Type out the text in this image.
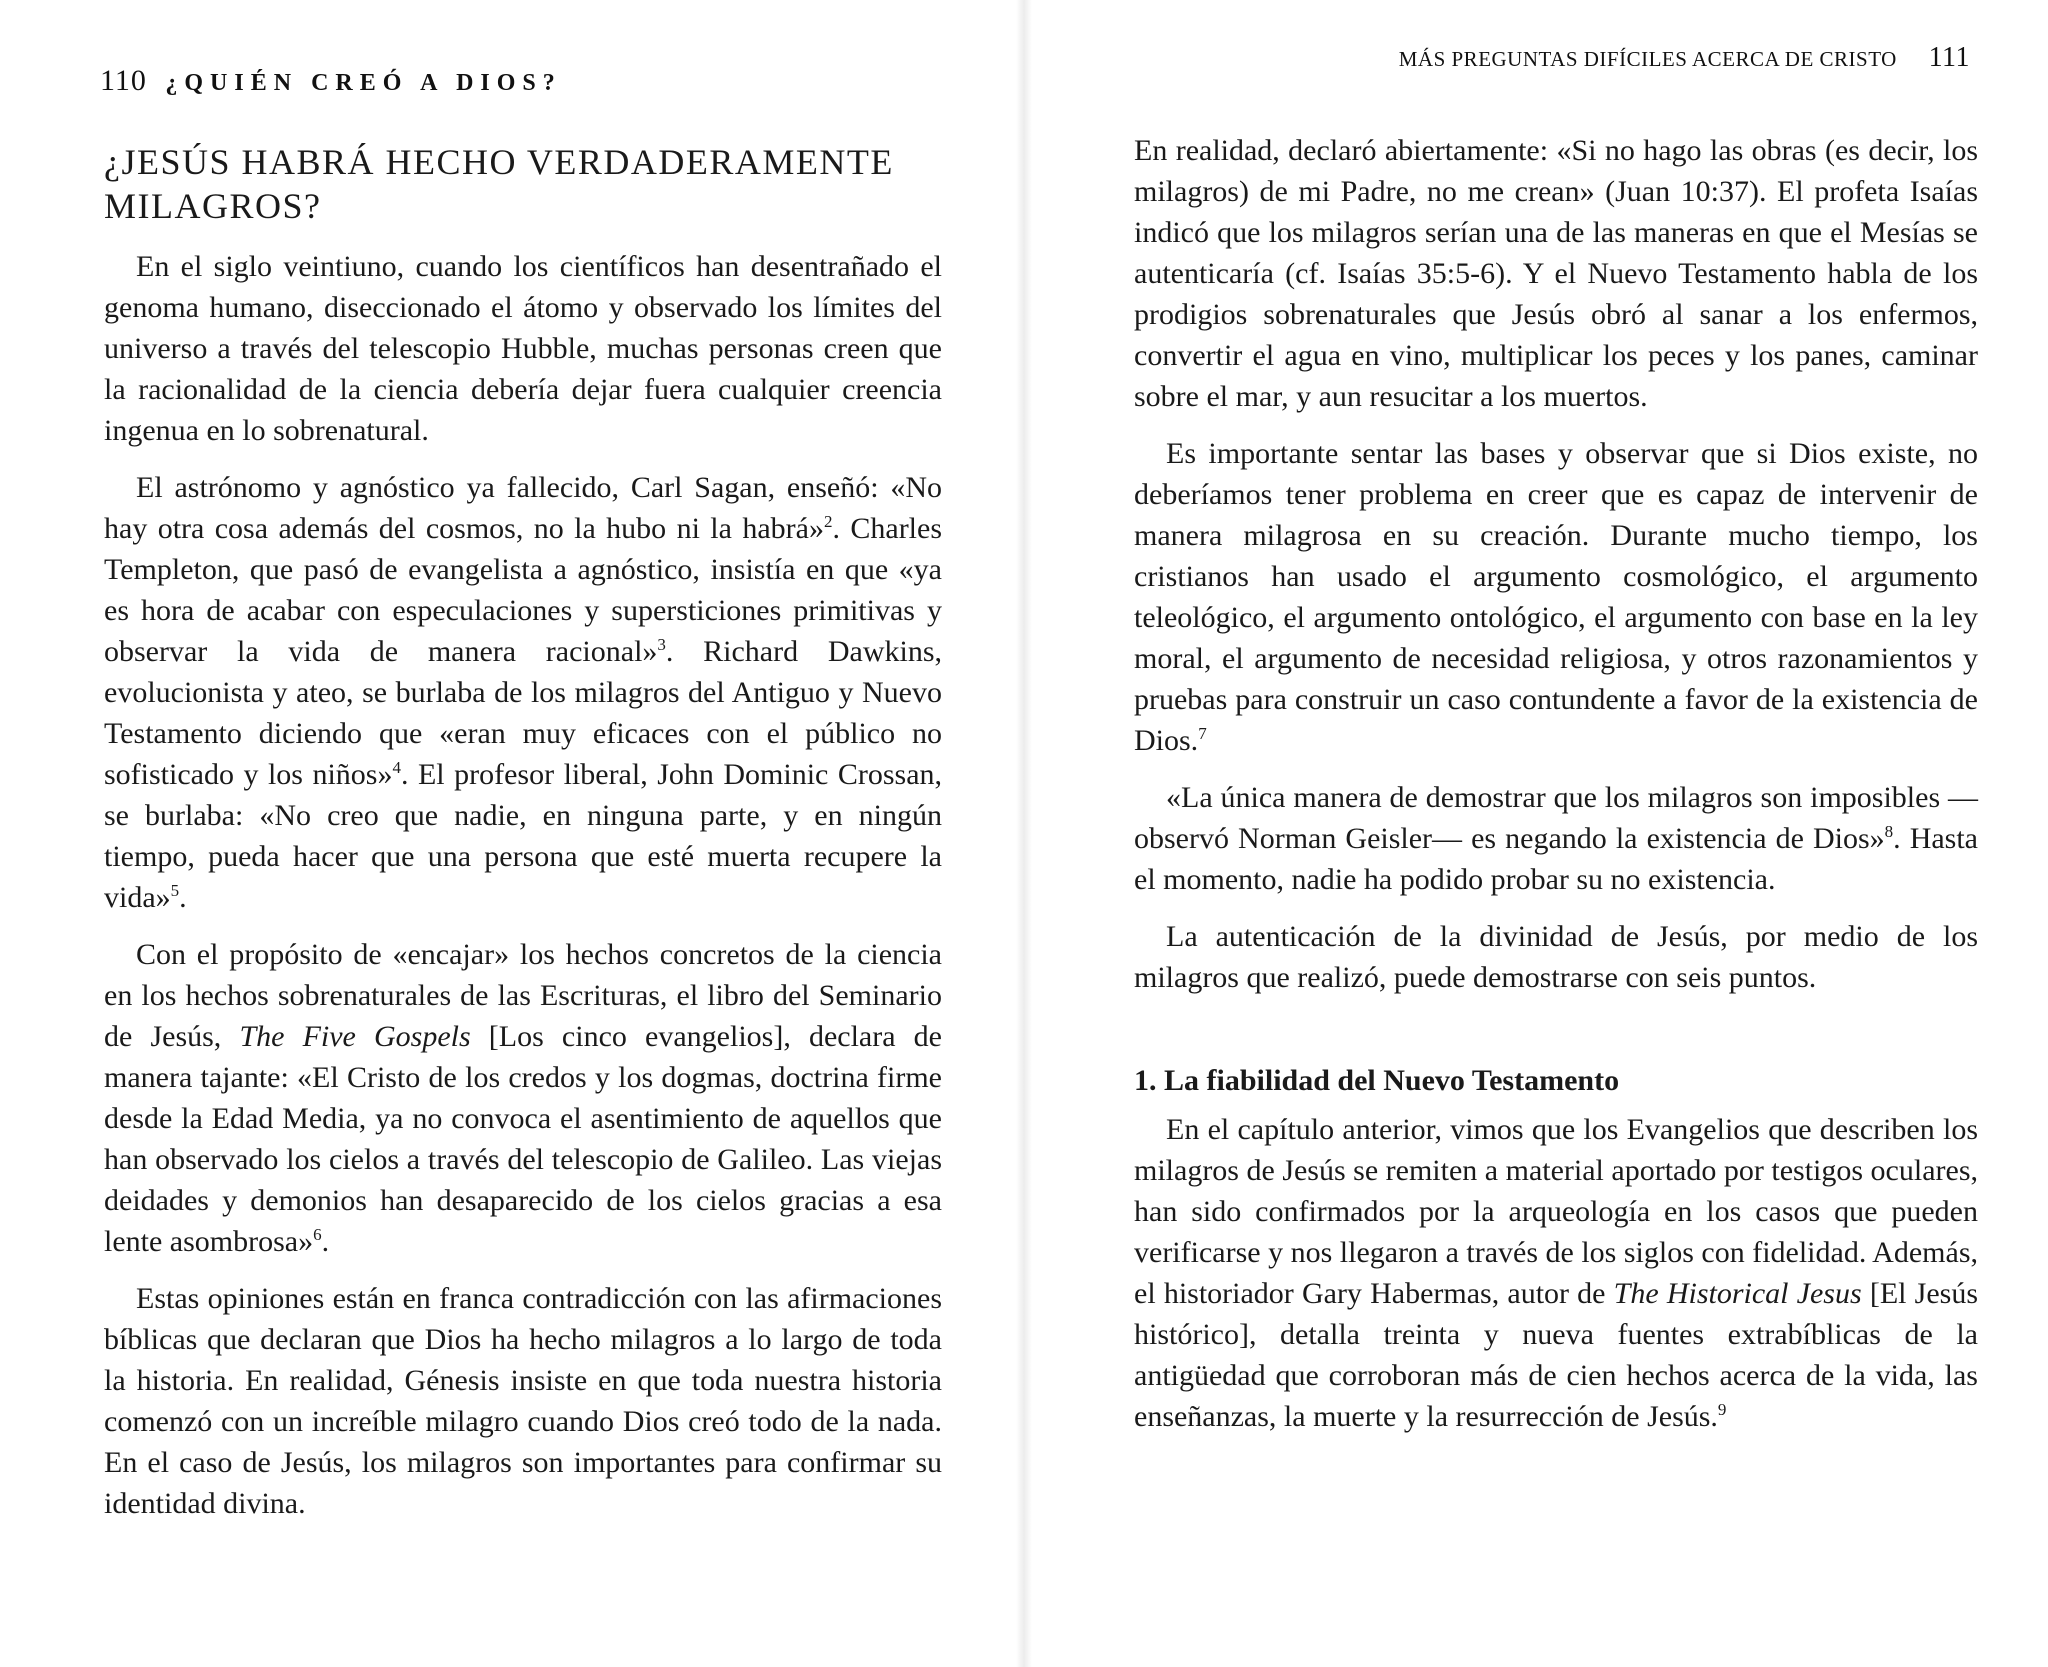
110 ¿QUIÉN CREÓ A DIOS?
¿JESÚS HABRÁ HECHO VERDADERAMENTE MILAGROS?

En el siglo veintiuno, cuando los científicos han desentrañado el genoma humano, diseccionado el átomo y observado los límites del universo a través del telescopio Hubble, muchas personas creen que la racionalidad de la ciencia debería dejar fuera cualquier creencia ingenua en lo sobrenatural.

El astrónomo y agnóstico ya fallecido, Carl Sagan, enseñó: «No hay otra cosa además del cosmos, no la hubo ni la habrá»$^2$. Charles Templeton, que pasó de evangelista a agnóstico, insistía en que «ya es hora de acabar con especulaciones y supersticiones primitivas y observar la vida de manera racional»$^3$. Richard Dawkins, evolucionista y ateo, se burlaba de los milagros del Antiguo y Nuevo Testamento diciendo que «eran muy eficaces con el público no sofisticado y los niños»$^4$. El profesor liberal, John Dominic Crossan, se burlaba: «No creo que nadie, en ninguna parte, y en ningún tiempo, pueda hacer que una persona que esté muerta recupere la vida»$^5$.

Con el propósito de «encajar» los hechos concretos de la ciencia en los hechos sobrenaturales de las Escrituras, el libro del Seminario de Jesús, The Five Gospels [Los cinco evangelios], declara de manera tajante: «El Cristo de los credos y los dogmas, doctrina firme desde la Edad Media, ya no convoca el asentimiento de aquellos que han observado los cielos a través del telescopio de Galileo. Las viejas deidades y demonios han desaparecido de los cielos gracias a esa lente asombrosa»$^6$.

Estas opiniones están en franca contradicción con las afirmaciones bíblicas que declaran que Dios ha hecho milagros a lo largo de toda la historia. En realidad, Génesis insiste en que toda nuestra historia comenzó con un increíble milagro cuando Dios creó todo de la nada. En el caso de Jesús, los milagros son importantes para confirmar su identidad divina.

MÁS PREGUNTAS DIFÍCILES ACERCA DE CRISTO 111

En realidad, declaró abiertamente: «Si no hago las obras (es decir, los milagros) de mi Padre, no me crean» (Juan 10:37). El profeta Isaías indicó que los milagros serían una de las maneras en que el Mesías se autenticaría (cf. Isaías 35:5-6). Y el Nuevo Testamento habla de los prodigios sobrenaturales que Jesús obró al sanar a los enfermos, convertir el agua en vino, multiplicar los peces y los panes, caminar sobre el mar, y aun resucitar a los muertos.

Es importante sentar las bases y observar que si Dios existe, no deberíamos tener problema en creer que es capaz de intervenir de manera milagrosa en su creación. Durante mucho tiempo, los cristianos han usado el argumento cosmológico, el argumento teleológico, el argumento ontológico, el argumento con base en la ley moral, el argumento de necesidad religiosa, y otros razonamientos y pruebas para construir un caso contundente a favor de la existencia de Dios.$^7$

«La única manera de demostrar que los milagros son imposibles —observó Norman Geisler— es negando la existencia de Dios»$^8$. Hasta el momento, nadie ha podido probar su no existencia.

La autenticación de la divinidad de Jesús, por medio de los milagros que realizó, puede demostrarse con seis puntos.

1. La fiabilidad del Nuevo Testamento

En el capítulo anterior, vimos que los Evangelios que describen los milagros de Jesús se remiten a material aportado por testigos oculares, han sido confirmados por la arqueología en los casos que pueden verificarse y nos llegaron a través de los siglos con fidelidad. Además, el historiador Gary Habermas, autor de The Historical Jesus [El Jesús histórico], detalla treinta y nueva fuentes extrabíblicas de la antigüedad que corroboran más de cien hechos acerca de la vida, las enseñanzas, la muerte y la resurrección de Jesús.$^9$
